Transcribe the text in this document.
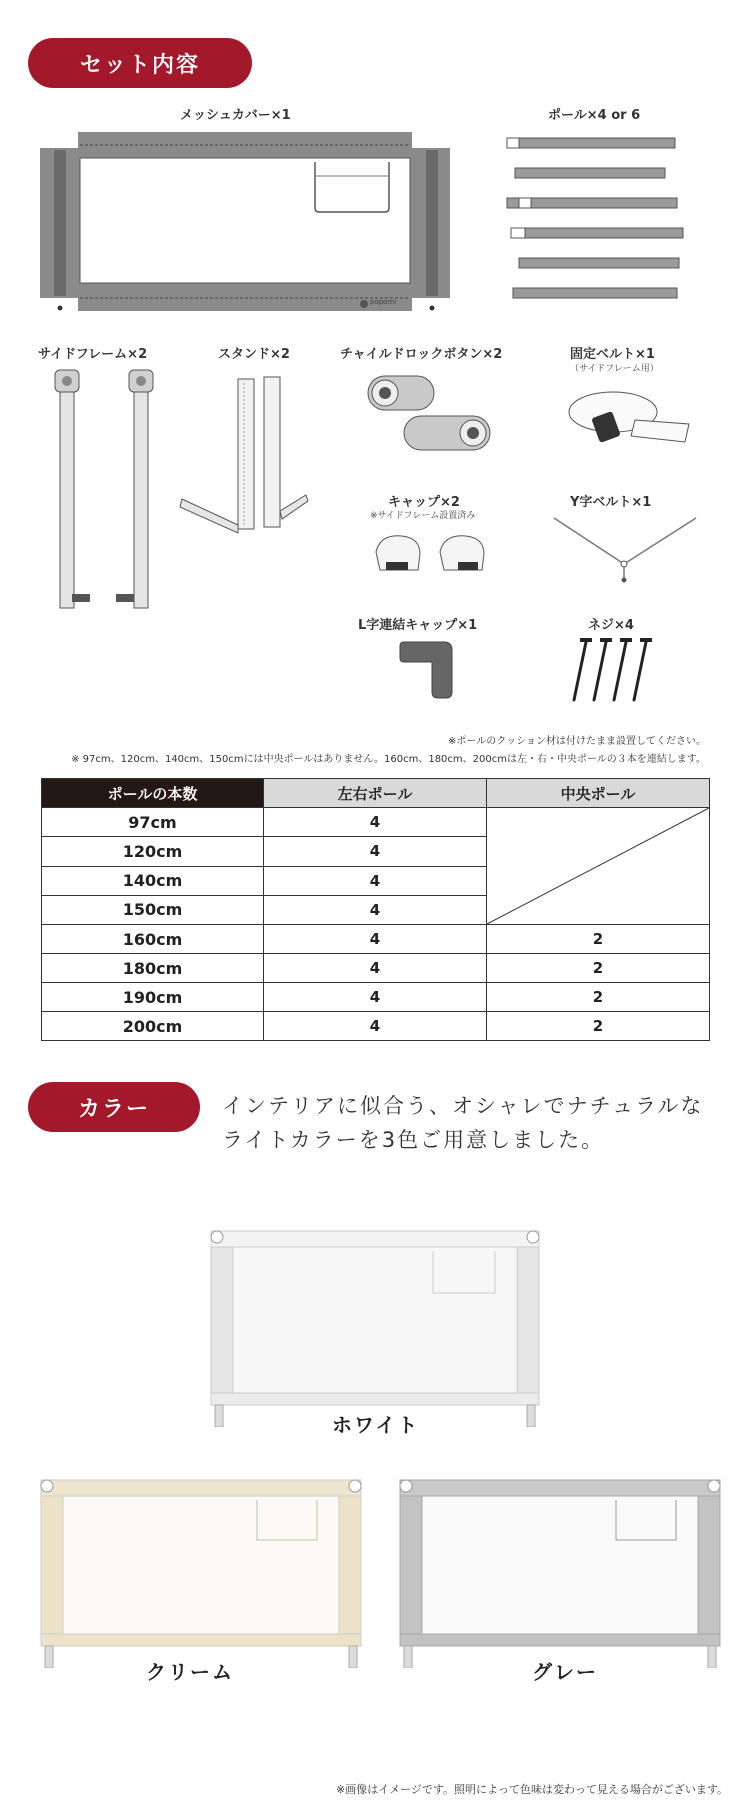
セット内容
メッシュカバー×1
popomi
ポール×4 or 6
サイドフレーム×2	スタンド×2	チャイルドロックボタン×2	固定ベルト×1
（サイドフレーム用）
キャップ×2
※サイドフレーム設置済み
Y字ベルト×1
L字連結キャップ×1	ネジ×4
※ポールのクッション材は付けたまま設置してください。
※ 97cm、120cm、140cm、150cmには中央ポールはありません。160cm、180cm、200cmは左・右・中央ポールの３本を連結します。
ポールの本数	左右ポール	中央ポール
97cm	4	

120cm	4	
140cm	4	
150cm	4	
160cm	4	2
180cm	4	2
190cm	4	2
200cm	4	2
カラー	インテリアに似合う、オシャレでナチュラルな
ライトカラーを3色ご用意しました。
ホワイト
クリーム	グレー
※画像はイメージです。照明によって色味は変わって見える場合がございます。
